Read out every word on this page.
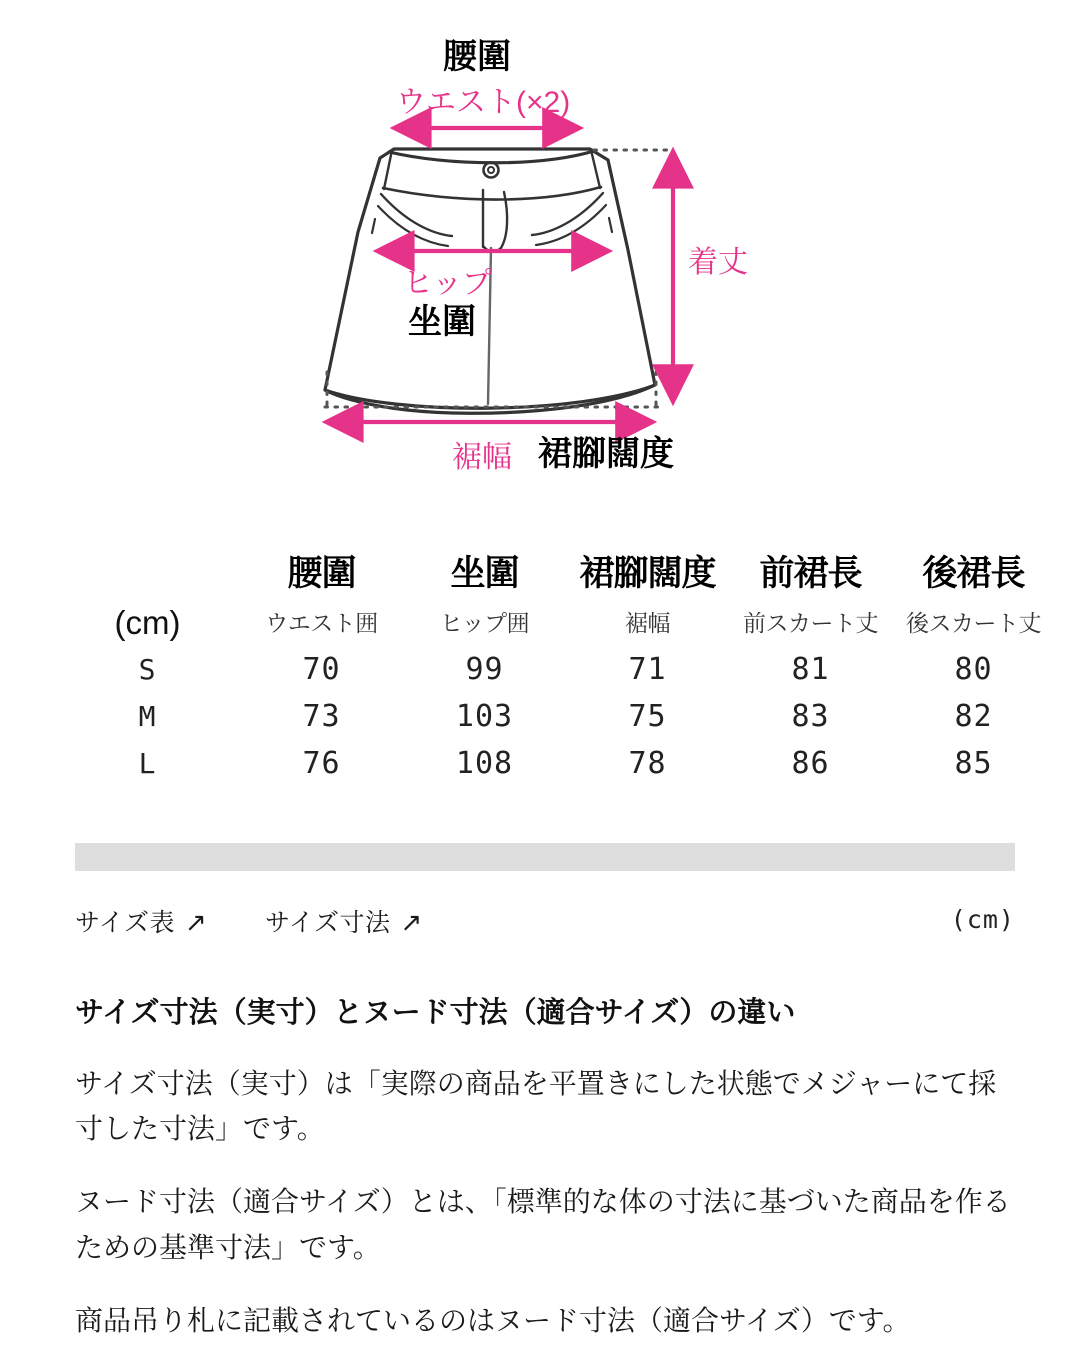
腰圍
ウエスト(×2)
ヒップ
坐圍
着丈
裾幅 裙腳闊度
	腰圍	坐圍	裙腳闊度	前裙長	後裙長
(cm)	ウエスト囲	ヒップ囲	裾幅	前スカート丈	後スカート丈
S	70	99	71	81	80
M	73	103	75	83	82
L	76	108	78	86	85
サイズ表 ↗ サイズ寸法 ↗	(cm)
サイズ寸法（実寸）とヌード寸法（適合サイズ）の違い

サイズ寸法（実寸）は「実際の商品を平置きにした状態でメジャーにて採寸した寸法」です。

ヌード寸法（適合サイズ）とは、「標準的な体の寸法に基づいた商品を作るための基準寸法」です。

商品吊り札に記載されているのはヌード寸法（適合サイズ）です。
